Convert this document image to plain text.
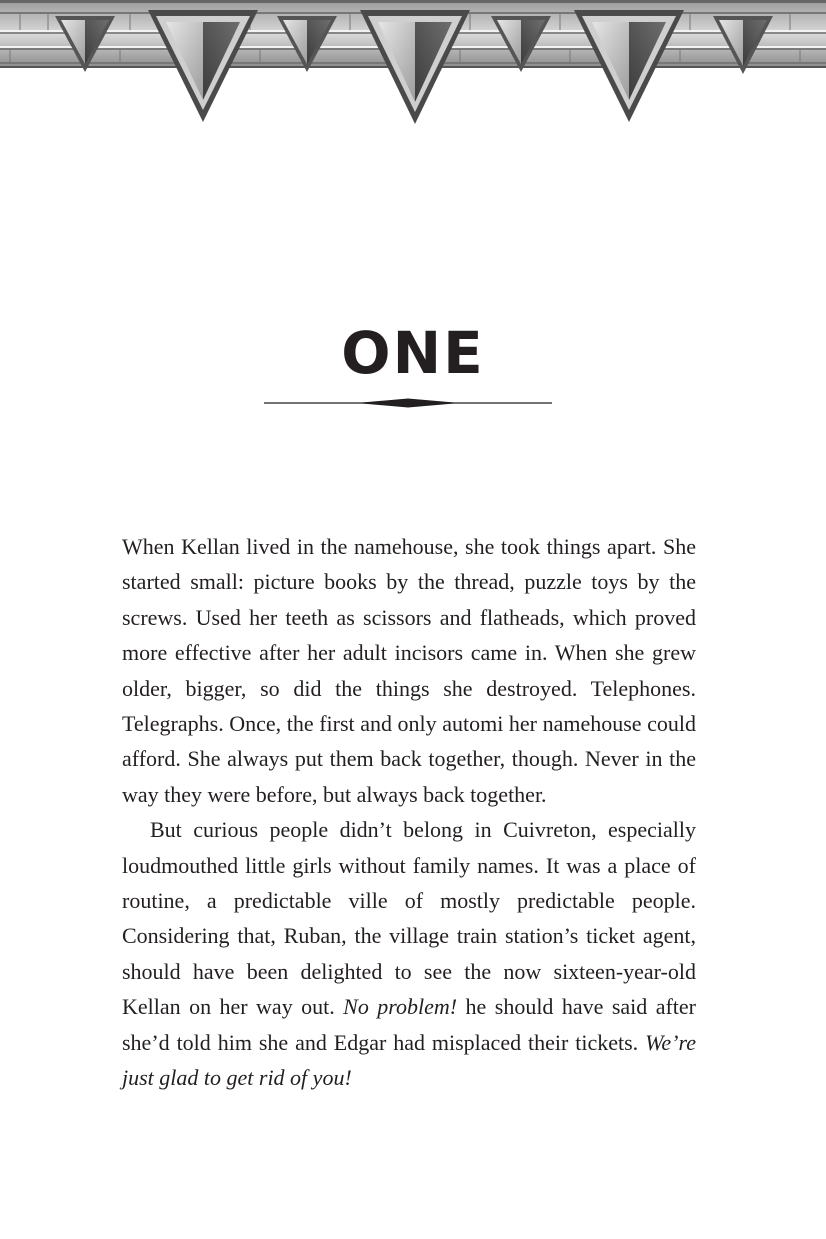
ONE

When Kellan lived in the namehouse, she took things apart. She started small: picture books by the thread, puzzle toys by the screws. Used her teeth as scissors and flatheads, which proved more effective after her adult incisors came in. When she grew older, bigger, so did the things she destroyed. Telephones. Telegraphs. Once, the first and only automi her namehouse could afford. She always put them back together, though. Never in the way they were before, but always back together.

But curious people didn’t belong in Cuivreton, especially loudmouthed little girls without family names. It was a place of routine, a predictable ville of mostly predictable people. Considering that, Ruban, the village train station’s ticket agent, should have been delighted to see the now sixteen-year-old Kellan on her way out. No problem! he should have said after she’d told him she and Edgar had misplaced their tickets. We’re just glad to get rid of you!
